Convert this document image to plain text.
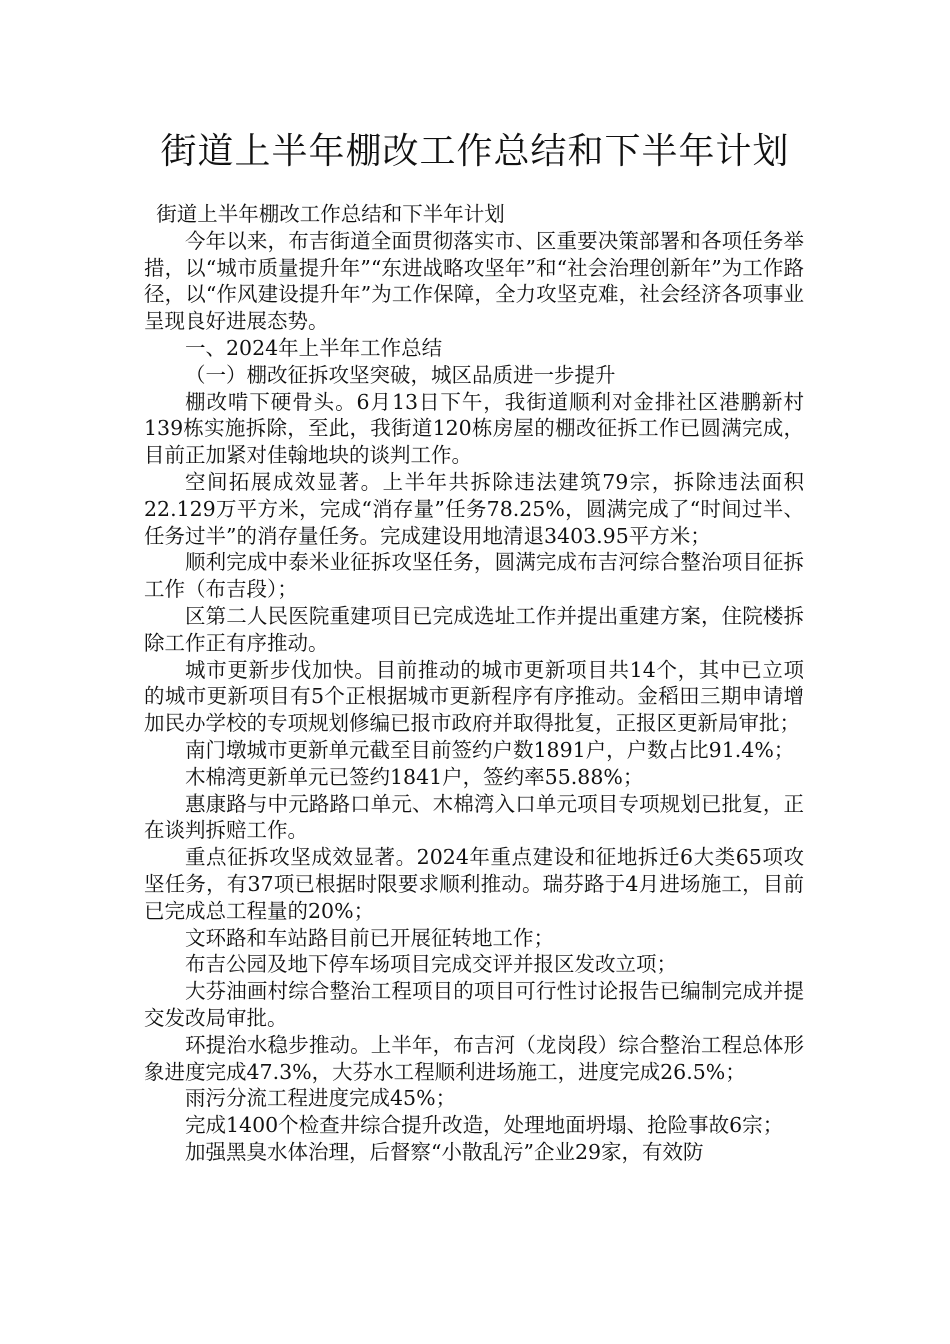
街道上半年棚改工作总结和下半年计划

街道上半年棚改工作总结和下半年计划

今年以来，布吉街道全面贯彻落实市、区重要决策部署和各项任务举措，以“城市质量提升年”“东进战略攻坚年”和“社会治理创新年”为工作路径，以“作风建设提升年”为工作保障，全力攻坚克难，社会经济各项事业呈现良好进展态势。

一、2024年上半年工作总结

（一）棚改征拆攻坚突破，城区品质进一步提升

棚改啃下硬骨头。6月13日下午，我街道顺利对金排社区港鹏新村139栋实施拆除，至此，我街道120栋房屋的棚改征拆工作已圆满完成，目前正加紧对佳翰地块的谈判工作。

空间拓展成效显著。上半年共拆除违法建筑79宗，拆除违法面积22.129万平方米，完成“消存量”任务78.25%，圆满完成了“时间过半、任务过半”的消存量任务。完成建设用地清退3403.95平方米；

顺利完成中泰米业征拆攻坚任务，圆满完成布吉河综合整治项目征拆工作（布吉段）；

区第二人民医院重建项目已完成选址工作并提出重建方案，住院楼拆除工作正有序推动。

城市更新步伐加快。目前推动的城市更新项目共14个，其中已立项的城市更新项目有5个正根据城市更新程序有序推动。金稻田三期申请增加民办学校的专项规划修编已报市政府并取得批复，正报区更新局审批；

南门墩城市更新单元截至目前签约户数1891户，户数占比91.4%；

木棉湾更新单元已签约1841户，签约率55.88%；

惠康路与中元路路口单元、木棉湾入口单元项目专项规划已批复，正在谈判拆赔工作。

重点征拆攻坚成效显著。2024年重点建设和征地拆迁6大类65项攻坚任务，有37项已根据时限要求顺利推动。瑞芬路于4月进场施工，目前已完成总工程量的20%；

文环路和车站路目前已开展征转地工作；

布吉公园及地下停车场项目完成交评并报区发改立项；

大芬油画村综合整治工程项目的项目可行性讨论报告已编制完成并提交发改局审批。

环提治水稳步推动。上半年，布吉河（龙岗段）综合整治工程总体形象进度完成47.3%，大芬水工程顺利进场施工，进度完成26.5%；

雨污分流工程进度完成45%；

完成1400个检查井综合提升改造，处理地面坍塌、抢险事故6宗；

加强黑臭水体治理，后督察“小散乱污”企业29家，有效防
